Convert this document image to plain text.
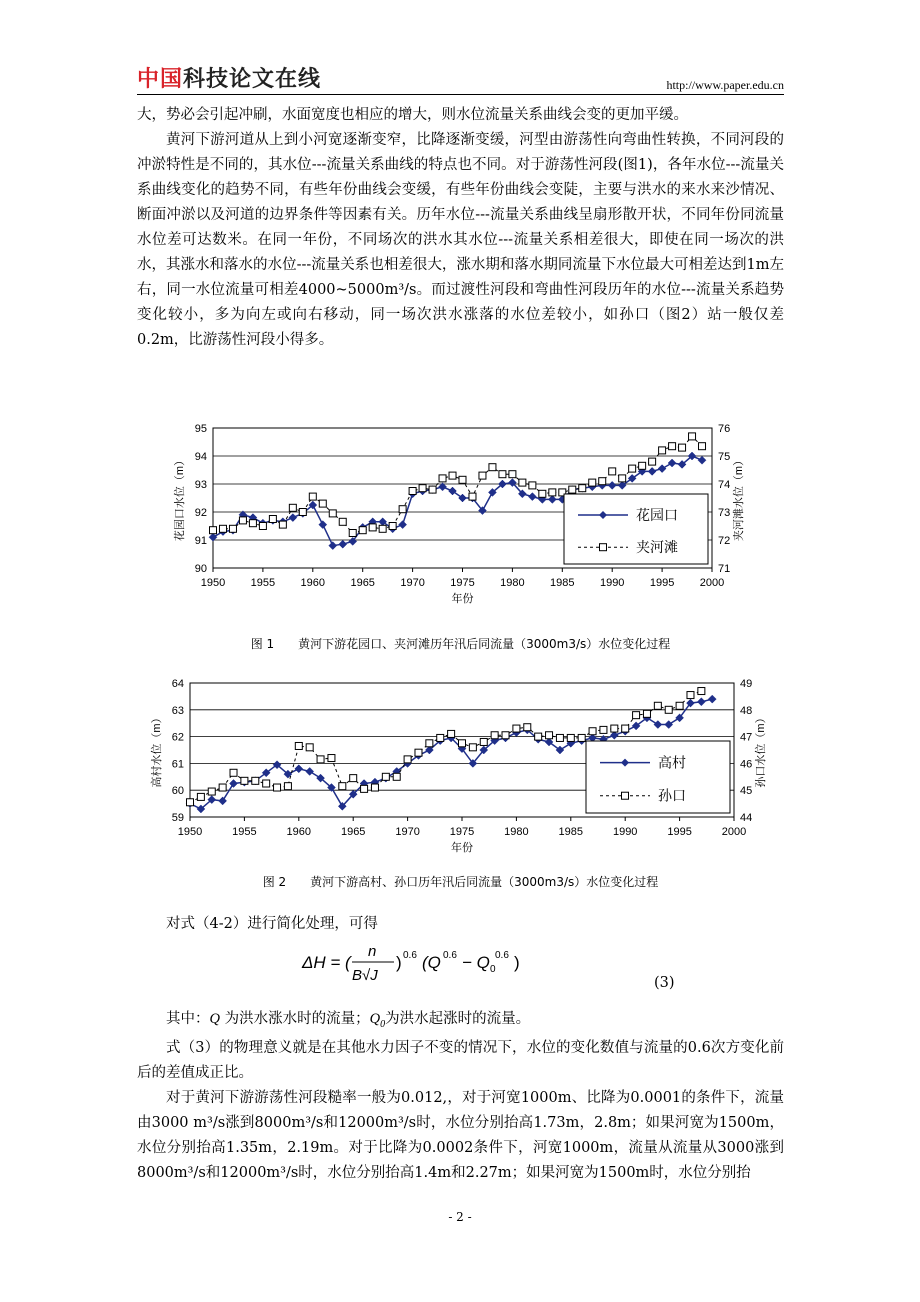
中国科技论文在线	http://www.paper.edu.cn

大，势必会引起冲刷，水面宽度也相应的增大，则水位流量关系曲线会变的更加平缓。

黄河下游河道从上到小河宽逐渐变窄，比降逐渐变缓，河型由游荡性向弯曲性转换，不同河段的冲淤特性是不同的，其水位---流量关系曲线的特点也不同。对于游荡性河段(图1)，各年水位---流量关系曲线变化的趋势不同，有些年份曲线会变缓，有些年份曲线会变陡，主要与洪水的来水来沙情况、断面冲淤以及河道的边界条件等因素有关。历年水位---流量关系曲线呈扇形散开状，不同年份同流量水位差可达数米。在同一年份，不同场次的洪水其水位---流量关系相差很大，即使在同一场次的洪水，其涨水和落水的水位---流量关系也相差很大，涨水期和落水期同流量下水位最大可相差达到1m左右，同一水位流量可相差4000~5000m³/s。而过渡性河段和弯曲性河段历年的水位---流量关系趋势变化较小，多为向左或向右移动，同一场次洪水涨落的水位差较小，如孙口（图2）站一般仅差0.2m，比游荡性河段小得多。

90
91
92
93
94
95
71
72
73
74
75
76
1950 1955 1960 1965 1970 1975 1980 1985 1990 1995 2000
年份
花园口水位（m）	夹河滩水位（m）
花园口
夹河滩
图 1　　黄河下游花园口、夹河滩历年汛后同流量（3000m3/s）水位变化过程
59
60
61
62
63
64
44
45
46
47
48
49
1950	1955	1960	1965	1970	1975	1980	1985	1990	1995	2000
年份
高村水位（m）	孙口水位（m）
高村
孙口
图 2　　黄河下游高村、孙口历年汛后同流量（3000m3/s）水位变化过程

对式（4-2）进行简化处理，可得

ΔH = (
n
B√J
) 0.6 (Q 0.6 − Q 0
0.6 )
(3)

其中：Q 为洪水涨水时的流量；$Q_0$为洪水起涨时的流量。

式（3）的物理意义就是在其他水力因子不变的情况下，水位的变化数值与流量的0.6次方变化前后的差值成正比。

对于黄河下游游荡性河段糙率一般为0.012,，对于河宽1000m、比降为0.0001的条件下，流量由3000 m³/s涨到8000m³/s和12000m³/s时，水位分别抬高1.73m，2.8m；如果河宽为1500m，水位分别抬高1.35m，2.19m。对于比降为0.0002条件下，河宽1000m，流量从流量从3000涨到8000m³/s和12000m³/s时，水位分别抬高1.4m和2.27m；如果河宽为1500m时，水位分别抬

- 2 -
